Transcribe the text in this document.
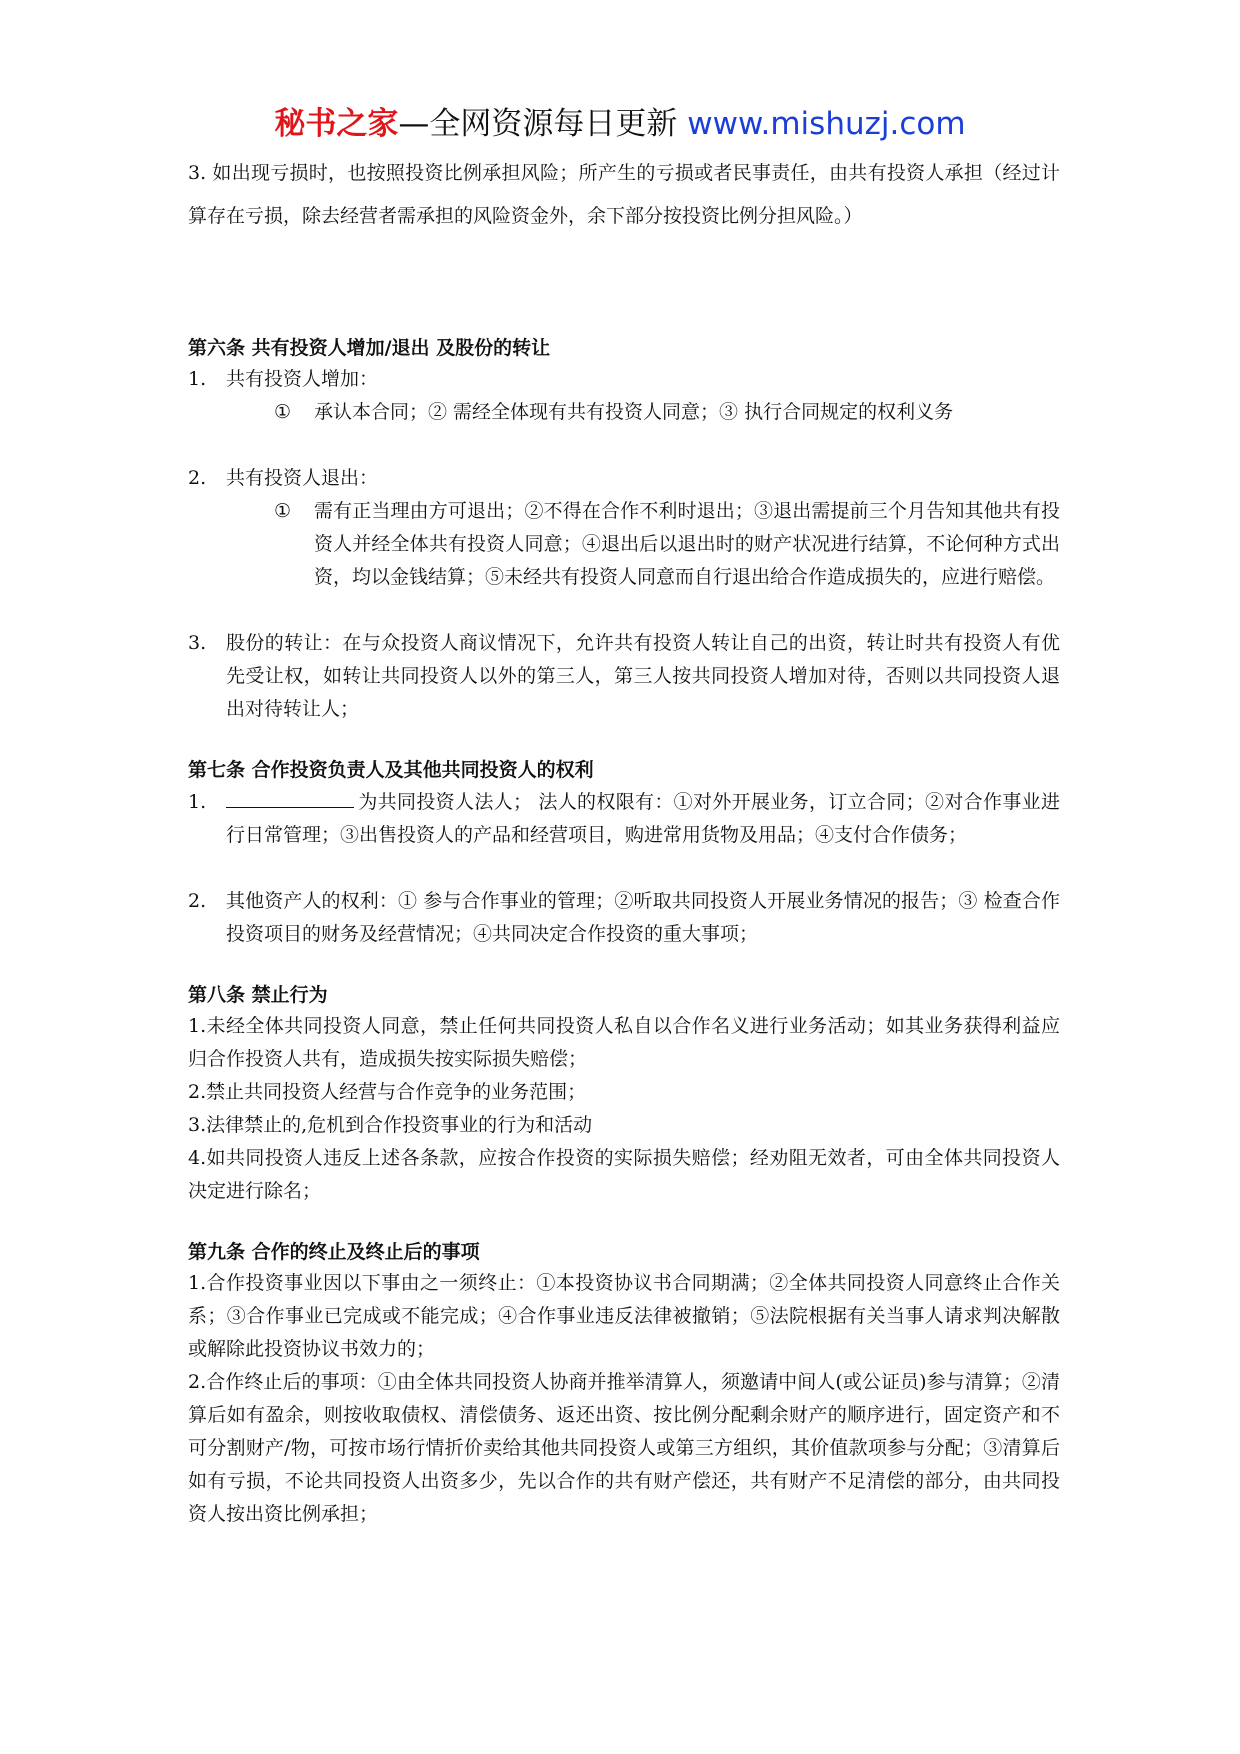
秘书之家—全网资源每日更新 www.mishuzj.com
3. 如出现亏损时，也按照投资比例承担风险；所产生的亏损或者民事责任，由共有投资人承担（经过计算存在亏损，除去经营者需承担的风险资金外，余下部分按投资比例分担风险。）
第六条 共有投资人增加/退出 及股份的转让
1.	共有投资人增加：
①	承认本合同；② 需经全体现有共有投资人同意；③ 执行合同规定的权利义务
2.	共有投资人退出：
①	需有正当理由方可退出；②不得在合作不利时退出；③退出需提前三个月告知其他共有投资人并经全体共有投资人同意；④退出后以退出时的财产状况进行结算，不论何种方式出资，均以金钱结算；⑤未经共有投资人同意而自行退出给合作造成损失的，应进行赔偿。
3.	股份的转让：在与众投资人商议情况下，允许共有投资人转让自己的出资，转让时共有投资人有优先受让权，如转让共同投资人以外的第三人，第三人按共同投资人增加对待，否则以共同投资人退出对待转让人；
第七条 合作投资负责人及其他共同投资人的权利
1.	为共同投资人法人； 法人的权限有：①对外开展业务，订立合同；②对合作事业进行日常管理；③出售投资人的产品和经营项目，购进常用货物及用品；④支付合作债务；
2.	其他资产人的权利：① 参与合作事业的管理；②听取共同投资人开展业务情况的报告；③ 检查合作投资项目的财务及经营情况；④共同决定合作投资的重大事项；
第八条 禁止行为
1.未经全体共同投资人同意，禁止任何共同投资人私自以合作名义进行业务活动；如其业务获得利益应归合作投资人共有，造成损失按实际损失赔偿；
2.禁止共同投资人经营与合作竞争的业务范围；
3.法律禁止的,危机到合作投资事业的行为和活动
4.如共同投资人违反上述各条款，应按合作投资的实际损失赔偿；经劝阻无效者，可由全体共同投资人决定进行除名；
第九条 合作的终止及终止后的事项
1.合作投资事业因以下事由之一须终止：①本投资协议书合同期满；②全体共同投资人同意终止合作关系；③合作事业已完成或不能完成；④合作事业违反法律被撤销；⑤法院根据有关当事人请求判决解散或解除此投资协议书效力的；
2.合作终止后的事项：①由全体共同投资人协商并推举清算人，须邀请中间人(或公证员)参与清算；②清算后如有盈余，则按收取债权、清偿债务、返还出资、按比例分配剩余财产的顺序进行，固定资产和不可分割财产/物，可按市场行情折价卖给其他共同投资人或第三方组织，其价值款项参与分配；③清算后如有亏损，不论共同投资人出资多少，先以合作的共有财产偿还，共有财产不足清偿的部分，由共同投资人按出资比例承担；
